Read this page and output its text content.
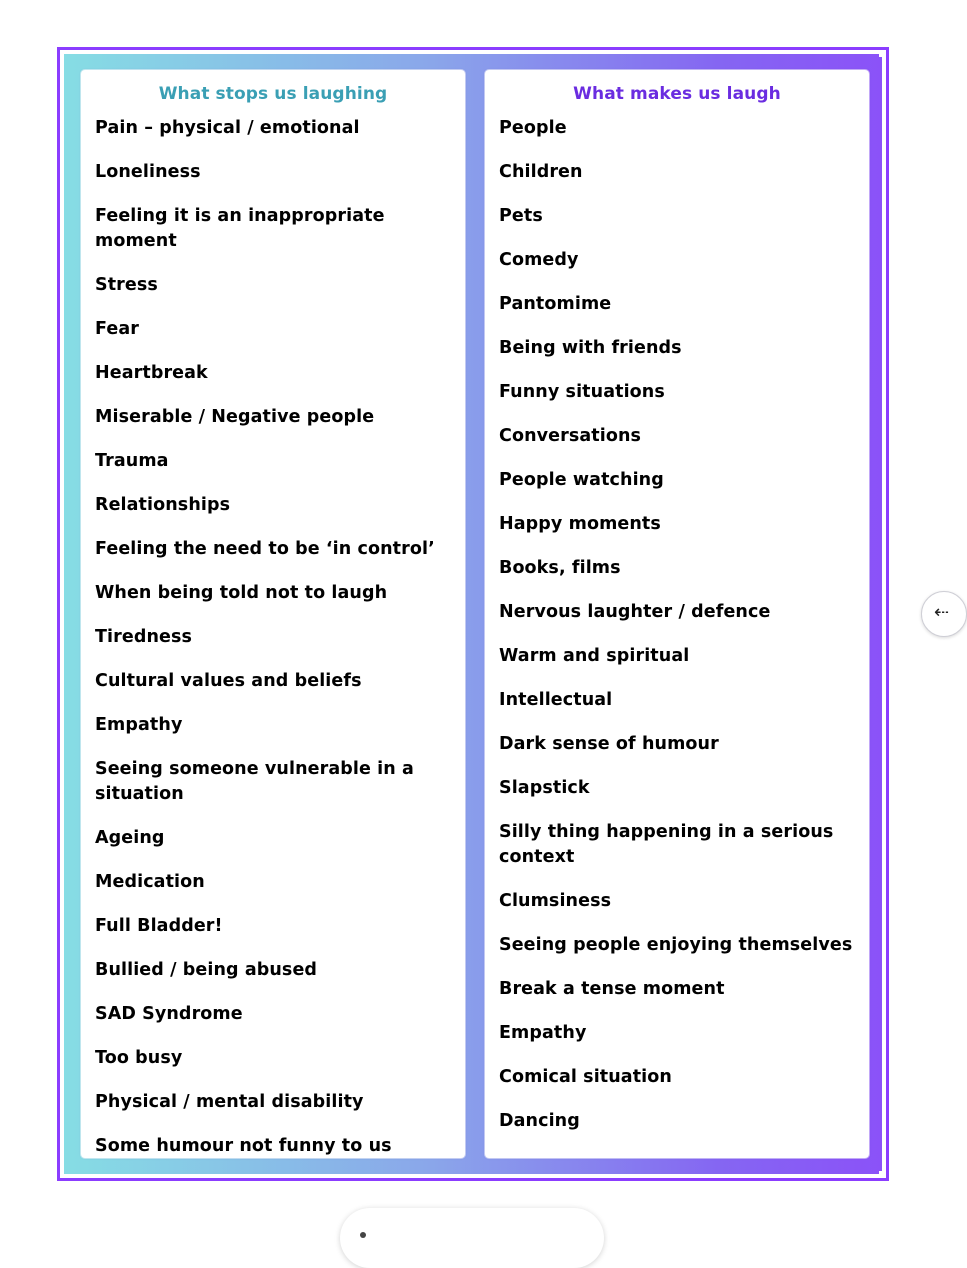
What stops us laughing
Pain – physical / emotional
Loneliness
Feeling it is an inappropriate moment
Stress
Fear
Heartbreak
Miserable / Negative people
Trauma
Relationships
Feeling the need to be ‘in control’
When being told not to laugh
Tiredness
Cultural values and beliefs
Empathy
Seeing someone vulnerable in a situation
Ageing
Medication
Full Bladder!
Bullied / being abused
SAD Syndrome
Too busy
Physical / mental disability
Some humour not funny to us
What makes us laugh
People
Children
Pets
Comedy
Pantomime
Being with friends
Funny situations
Conversations
People watching
Happy moments
Books, films
Nervous laughter / defence
Warm and spiritual
Intellectual
Dark sense of humour
Slapstick
Silly thing happening in a serious context
Clumsiness
Seeing people enjoying themselves
Break a tense moment
Empathy
Comical situation
Dancing
⇠
